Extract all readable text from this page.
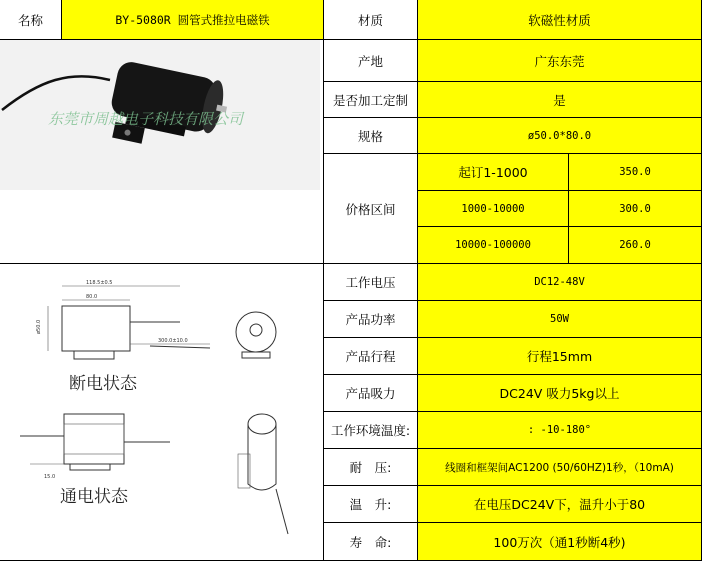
名称	BY-5080R 圆管式推拉电磁铁
东莞市周越电子科技有限公司
118.5±0.5
80.0
ø50.0
300.0±10.0
断电状态
15.0
通电状态
材质	软磁性材质
产地	广东东莞
是否加工定制	是
规格	ø50.0*80.0
价格区间
起订1-1000	350.0
1000-10000	300.0
10000-100000	260.0
工作电压	DC12-48V
产品功率	50W
产品行程	行程15mm
产品吸力	DC24V 吸力5kg以上
工作环境温度:	: -10-180°
耐　压:	线圈和框架间AC1200 (50/60HZ)1秒，（10mA)
温　升:	在电压DC24V下，温升小于80
寿　命:	100万次（通1秒断4秒)
